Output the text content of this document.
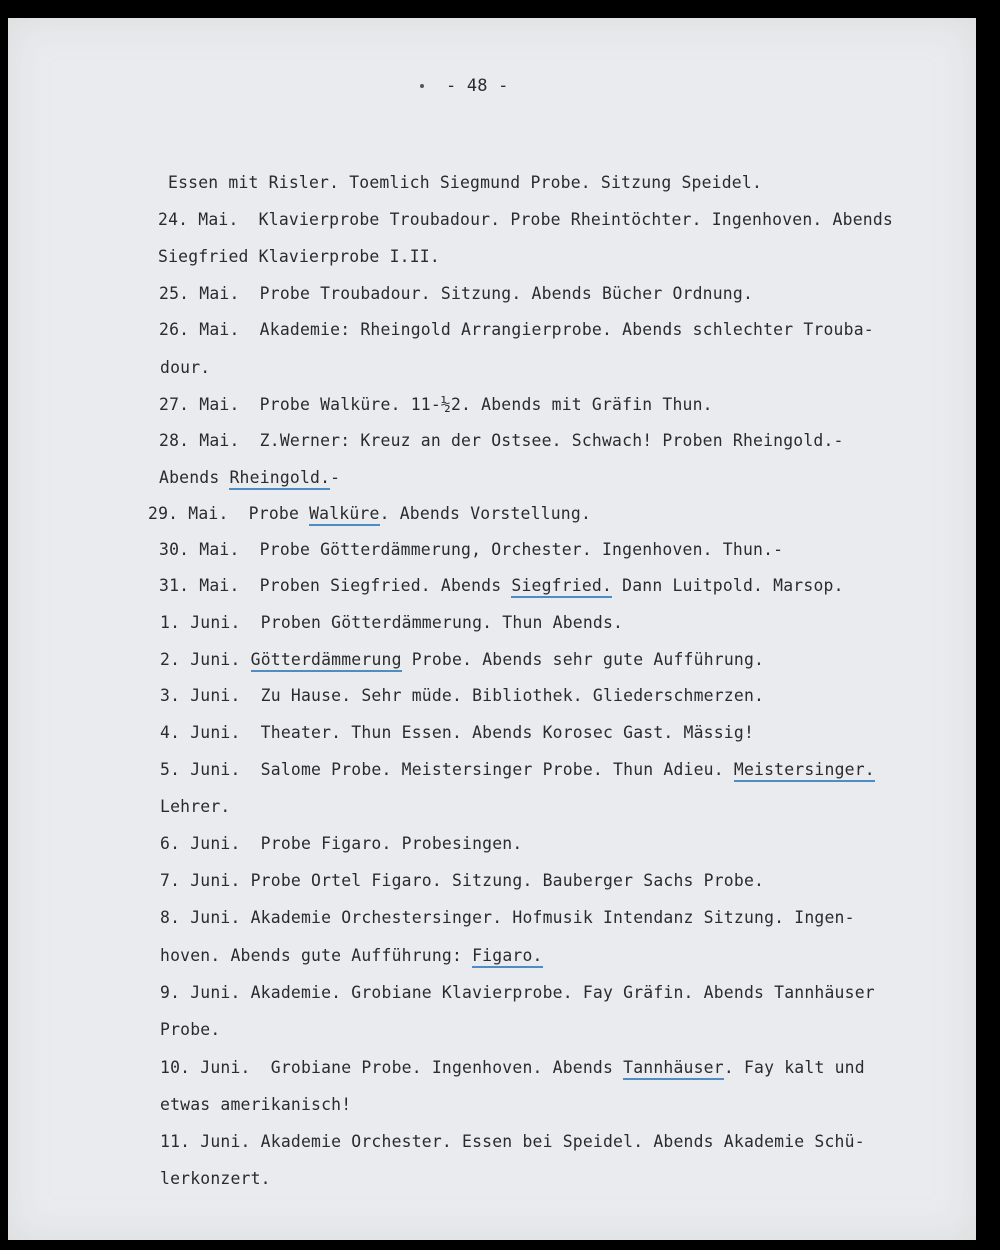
- 48 -
Essen mit Risler. Toemlich Siegmund Probe. Sitzung Speidel.
24. Mai.  Klavierprobe Troubadour. Probe Rheintöchter. Ingenhoven. Abends
Siegfried Klavierprobe I.II.
25. Mai.  Probe Troubadour. Sitzung. Abends Bücher Ordnung.
26. Mai.  Akademie: Rheingold Arrangierprobe. Abends schlechter Trouba-
dour.
27. Mai.  Probe Walküre. 11-½2. Abends mit Gräfin Thun.
28. Mai.  Z.Werner: Kreuz an der Ostsee. Schwach! Proben Rheingold.-
Abends Rheingold.-
29. Mai.  Probe Walküre. Abends Vorstellung.
30. Mai.  Probe Götterdämmerung, Orchester. Ingenhoven. Thun.-
31. Mai.  Proben Siegfried. Abends Siegfried. Dann Luitpold. Marsop.
1. Juni.  Proben Götterdämmerung. Thun Abends.
2. Juni. Götterdämmerung Probe. Abends sehr gute Aufführung.
3. Juni.  Zu Hause. Sehr müde. Bibliothek. Gliederschmerzen.
4. Juni.  Theater. Thun Essen. Abends Korosec Gast. Mässig!
5. Juni.  Salome Probe. Meistersinger Probe. Thun Adieu. Meistersinger.
Lehrer.
6. Juni.  Probe Figaro. Probesingen.
7. Juni. Probe Ortel Figaro. Sitzung. Bauberger Sachs Probe.
8. Juni. Akademie Orchestersinger. Hofmusik Intendanz Sitzung. Ingen-
hoven. Abends gute Aufführung: Figaro.
9. Juni. Akademie. Grobiane Klavierprobe. Fay Gräfin. Abends Tannhäuser
Probe.
10. Juni.  Grobiane Probe. Ingenhoven. Abends Tannhäuser. Fay kalt und
etwas amerikanisch!
11. Juni. Akademie Orchester. Essen bei Speidel. Abends Akademie Schü-
lerkonzert.
